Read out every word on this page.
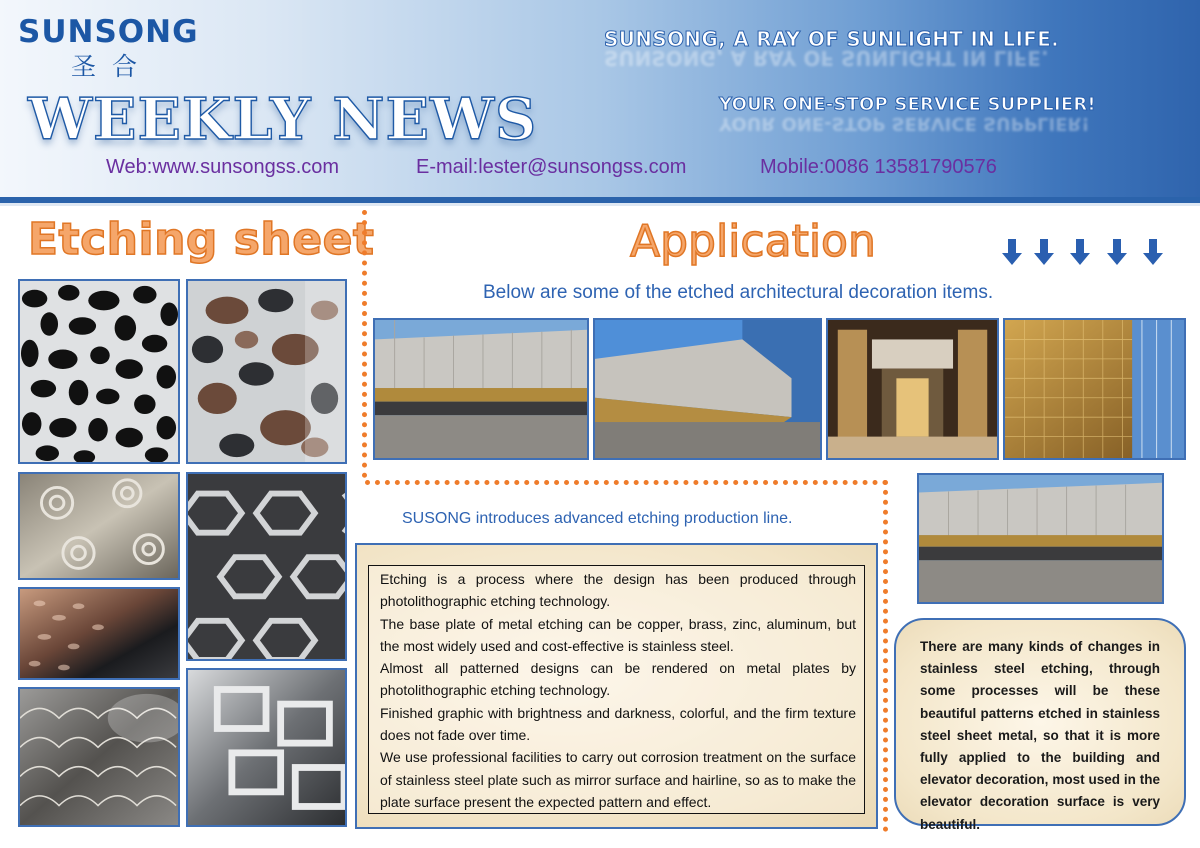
SUNSONG
圣合
WEEKLY NEWS
SUNSONG, A RAY OF SUNLIGHT IN LIFE.
SUNSONG, A RAY OF SUNLIGHT IN LIFE.
YOUR ONE-STOP SERVICE SUPPLIER!
YOUR ONE-STOP SERVICE SUPPLIER!
Web:www.sunsongss.com	E-mail:lester@sunsongss.com	Mobile:0086 13581790576
Etching sheet	Application
Below are some of the etched architectural decoration items.
SUSONG introduces advanced etching production line.

Etching is a process where the design has been produced through photolithographic etching technology.

The base plate of metal etching can be copper, brass, zinc, aluminum, but the most widely used and cost-effective is stainless steel.

Almost all patterned designs can be rendered on metal plates by photolithographic etching technology.

Finished graphic with brightness and darkness, colorful, and the firm texture does not fade over time.

We use professional facilities to carry out corrosion treatment on the surface of stainless steel plate such as mirror surface and hairline, so as to make the plate surface present the expected pattern and effect.

There are many kinds of changes in stainless steel etching, through some processes will be these beautiful patterns etched in stainless steel sheet metal, so that it is more fully applied to the building and elevator decoration, most used in the elevator decoration surface is very beautiful.
